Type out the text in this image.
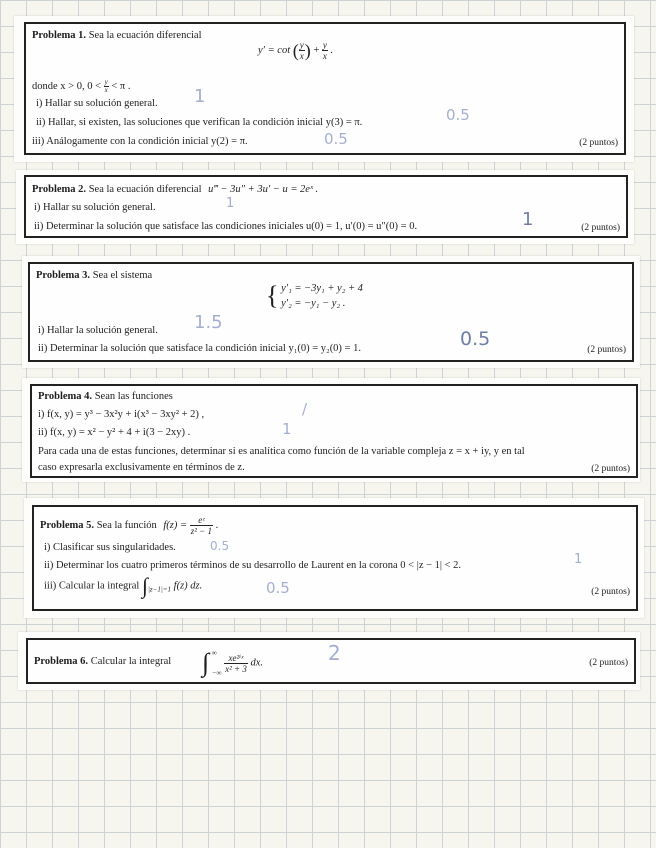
Problema 1. Sea la ecuación diferencial
y′ = cot ( $\frac{y}{x}$ ) + $\frac{y}{x}$ .
donde x > 0, $0 < \frac{y}{x} < \pi$ .
i) Hallar su solución general.
ii) Hallar, si existen, las soluciones que verifican la condición inicial y(3) = π.
iii) Análogamente con la condición inicial y(2) = π.	(2 puntos)
1
0.5
0.5
Problema 2. Sea la ecuación diferencial u‴ − 3u″ + 3u′ − u = 2eˣ .
i) Hallar su solución general.
ii) Determinar la solución que satisface las condiciones iniciales u(0) = 1, u′(0) = u″(0) = 0.	(2 puntos)
1
1
Problema 3. Sea el sistema
{ y′₁ = −3y₁ + y₂ + 4
y′₂ = −y₁ − y₂ .
i) Hallar la solución general.
ii) Determinar la solución que satisface la condición inicial y₁(0) = y₂(0) = 1.	(2 puntos)
1.5
0.5
Problema 4. Sean las funciones
i) f(x, y) = y³ − 3x²y + i(x³ − 3xy² + 2) ,
ii) f(x, y) = x² − y² + 4 + i(3 − 2xy) .
Para cada una de estas funciones, determinar si es analítica como función de la variable compleja z = x + iy, y en tal
caso expresarla exclusivamente en términos de z.	(2 puntos)
/
1
Problema 5. Sea la función $f(z) = \frac{\text{eᶻ}}{\text{z² − 1}}$ .
i) Clasificar sus singularidades.
ii) Determinar los cuatro primeros términos de su desarrollo de Laurent en la corona 0 < |z − 1| < 2.
iii) Calcular la integral $\int_{|z-1|=1}$ f(z) dz.
(2 puntos)
0.5
1
0.5
Problema 6. Calcular la integral ∫ ∞
−∞
$\frac{\text{xe²ⁱˣ}}{\text{x² + 3}}$ dx.	(2 puntos)
2
